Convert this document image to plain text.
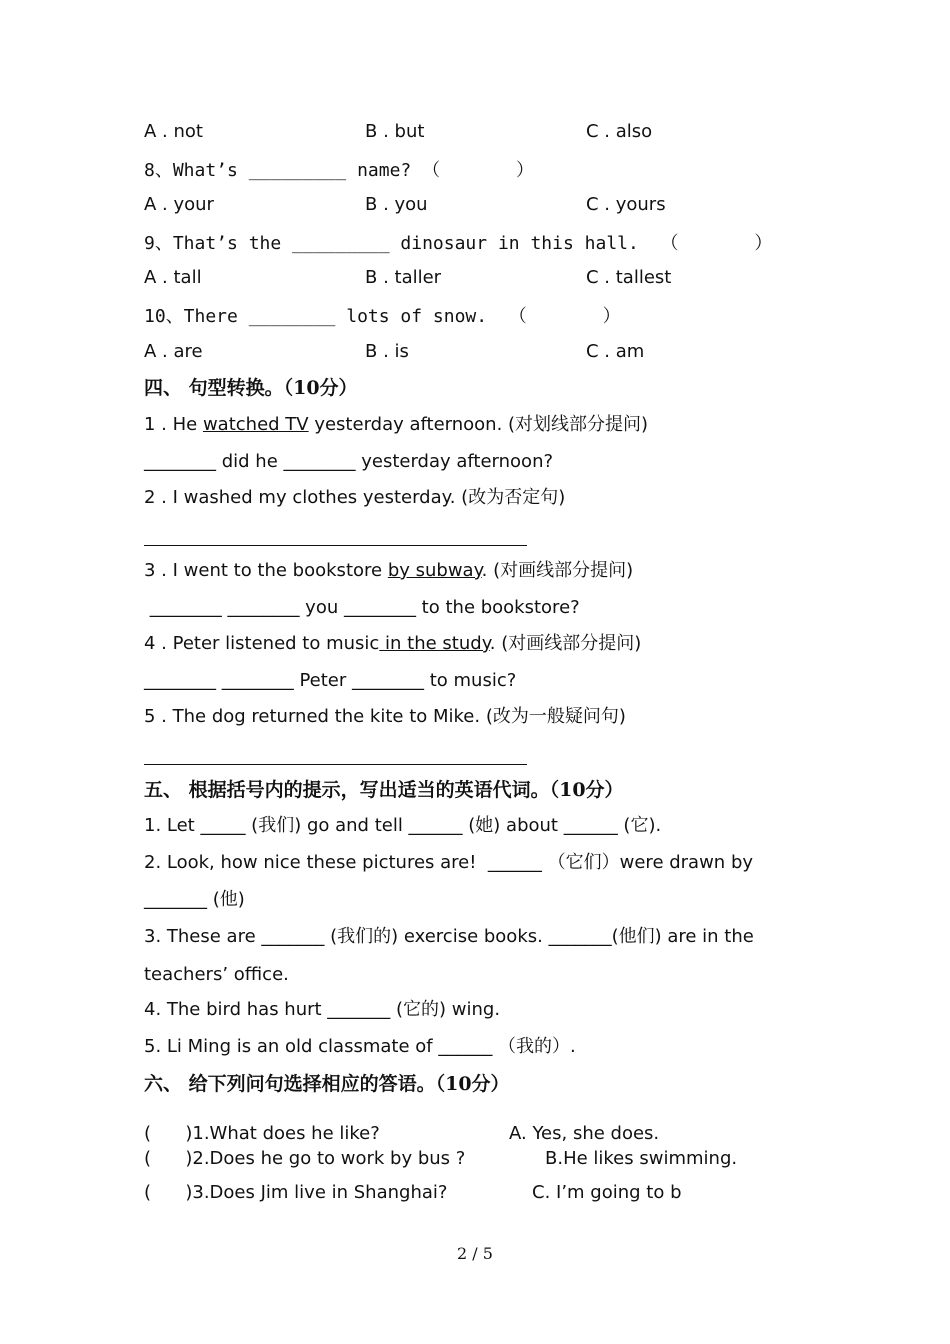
A . not	B . but	C . also
8、What’s _________ name? （       ）
A . your	B . you	C . yours
9、That’s the _________ dinosaur in this hall.  （       ）
A . tall	B . taller	C . tallest
10、There ________ lots of snow.  （       ）
A . are	B . is	C . am
四、 句型转换。（10分）
1 . He watched TV yesterday afternoon. (对划线部分提问)
________ did he ________ yesterday afternoon?
2 . I washed my clothes yesterday. (改为否定句)
3 . I went to the bookstore by subway. (对画线部分提问)
________ ________ you ________ to the bookstore?
4 . Peter listened to music in the study. (对画线部分提问)
________ ________ Peter ________ to music?
5 . The dog returned the kite to Mike. (改为一般疑问句)
五、 根据括号内的提示，写出适当的英语代词。（10分）
1. Let _____ (我们) go and tell ______ (她) about ______ (它).
2. Look, how nice these pictures are!  ______ （它们）were drawn by
_______ (他)
3. These are _______ (我们的) exercise books. _______(他们) are in the
teachers’ office.
4. The bird has hurt _______ (它的) wing.
5. Li Ming is an old classmate of ______ （我的）.
六、 给下列问句选择相应的答语。（10分）
(      )1.What does he like?	A. Yes, she does.
(      )2.Does he go to work by bus ?	B.He likes swimming.
(      )3.Does Jim live in Shanghai?	C. I’m going to b
2 / 5
